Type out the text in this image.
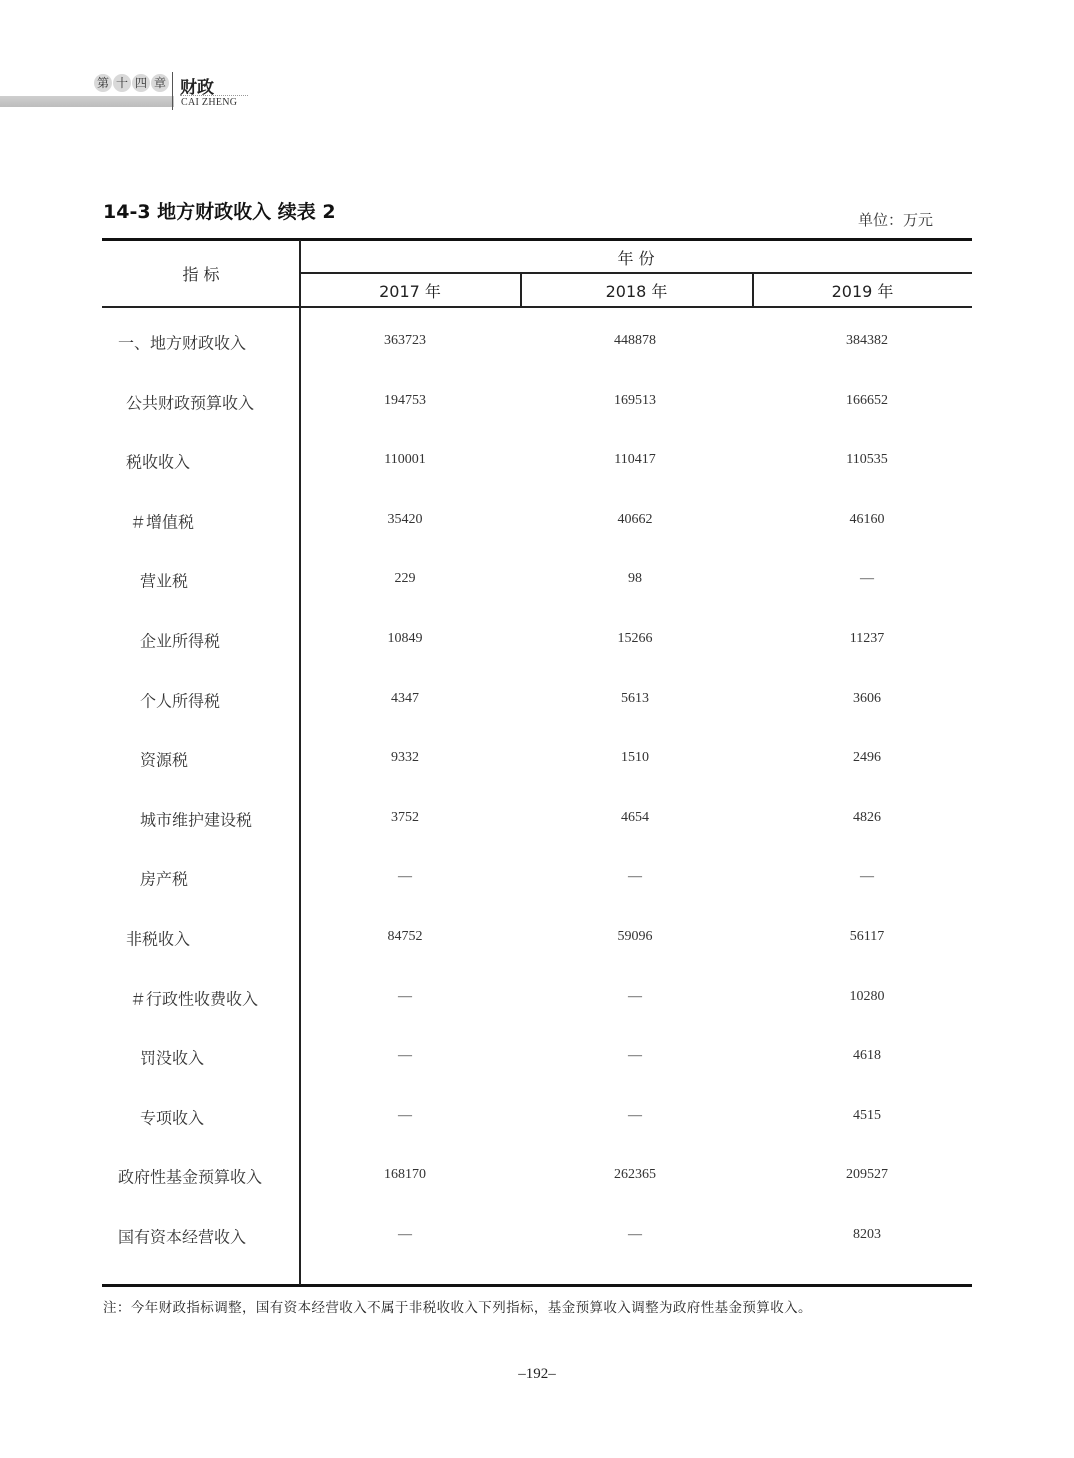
第 十 四 章 财政
CAI ZHENG
14-3 地方财政收入 续表 2	单位：万元
指 标
年 份
2017 年	2018 年	2019 年
一、地方财政收入	363723	448878	384382
公共财政预算收入	194753	169513	166652
税收收入	110001	110417	110535
＃增值税	35420	40662	46160
营业税	229	98	—
企业所得税	10849	15266	11237
个人所得税	4347	5613	3606
资源税	9332	1510	2496
城市维护建设税	3752	4654	4826
房产税	—	—	—
非税收入	84752	59096	56117
＃行政性收费收入	—	—	10280
罚没收入	—	—	4618
专项收入	—	—	4515
政府性基金预算收入	168170	262365	209527
国有资本经营收入	—	—	8203
注：今年财政指标调整，国有资本经营收入不属于非税收收入下列指标，基金预算收入调整为政府性基金预算收入。
–192–
